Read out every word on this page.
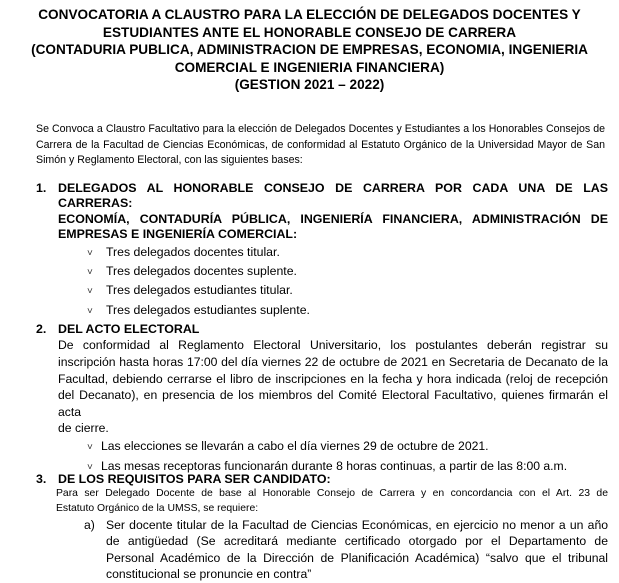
CONVOCATORIA A CLAUSTRO PARA LA ELECCIÓN DE DELEGADOS DOCENTES Y
ESTUDIANTES ANTE EL HONORABLE CONSEJO DE CARRERA
(CONTADURIA PUBLICA, ADMINISTRACION DE EMPRESAS, ECONOMIA, INGENIERIA
COMERCIAL E INGENIERIA FINANCIERA)
(GESTION 2021 – 2022)
Se Convoca a Claustro Facultativo para la elección de Delegados Docentes y Estudiantes a los Honorables Consejos de
Carrera de la Facultad de Ciencias Económicas, de conformidad al Estatuto Orgánico de la Universidad Mayor de San
Simón y Reglamento Electoral, con las siguientes bases:
1. DELEGADOS AL HONORABLE CONSEJO DE CARRERA POR CADA UNA DE LAS CARRERAS:
ECONOMÍA, CONTADURÍA PÚBLICA, INGENIERÍA FINANCIERA, ADMINISTRACIÓN DE
EMPRESAS E INGENIERÍA COMERCIAL:
˅ Tres delegados docentes titular.
˅ Tres delegados docentes suplente.
˅ Tres delegados estudiantes titular.
˅ Tres delegados estudiantes suplente.
2. DEL ACTO ELECTORAL
De conformidad al Reglamento Electoral Universitario, los postulantes deberán registrar su
inscripción hasta horas 17:00 del día viernes 22 de octubre de 2021 en Secretaria de Decanato de la
Facultad, debiendo cerrarse el libro de inscripciones en la fecha y hora indicada (reloj de recepción
del Decanato), en presencia de los miembros del Comité Electoral Facultativo, quienes firmarán el acta
de cierre.
˅ Las elecciones se llevarán a cabo el día viernes 29 de octubre de 2021.
˅ Las mesas receptoras funcionarán durante 8 horas continuas, a partir de las 8:00 a.m.
3. DE LOS REQUISITOS PARA SER CANDIDATO:
Para ser Delegado Docente de base al Honorable Consejo de Carrera y en concordancia con el Art. 23 de
Estatuto Orgánico de la UMSS, se requiere:
a) Ser docente titular de la Facultad de Ciencias Económicas, en ejercicio no menor a un año
de antigüedad (Se acreditará mediante certificado otorgado por el Departamento de
Personal Académico de la Dirección de Planificación Académica) “salvo que el tribunal
constitucional se pronuncie en contra”
